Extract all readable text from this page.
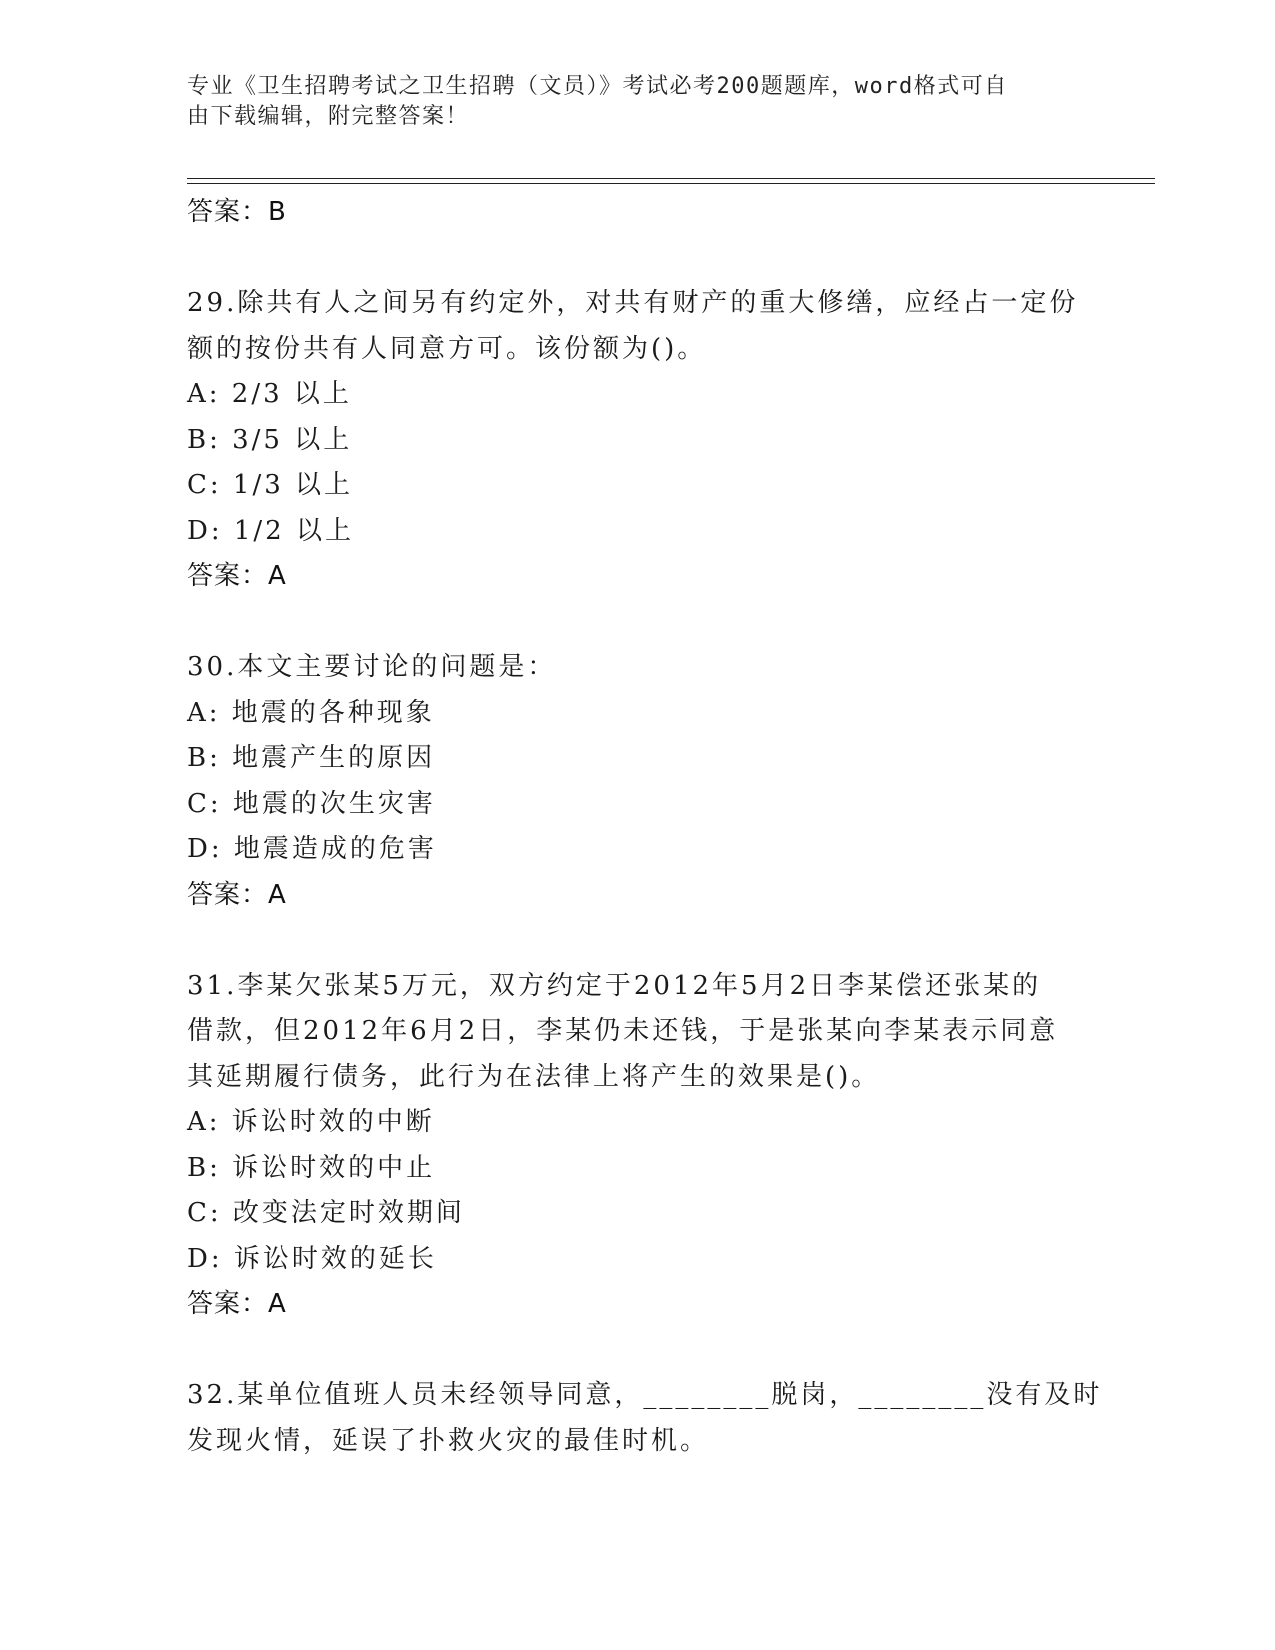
专业《卫生招聘考试之卫生招聘（文员）》考试必考200题题库，word格式可自
由下载编辑，附完整答案！
答案：B
29.除共有人之间另有约定外，对共有财产的重大修缮，应经占一定份
额的按份共有人同意方可。该份额为()。
A: 2/3 以上
B: 3/5 以上
C: 1/3 以上
D: 1/2 以上
答案：A
30.本文主要讨论的问题是：
A: 地震的各种现象
B: 地震产生的原因
C: 地震的次生灾害
D: 地震造成的危害
答案：A
31.李某欠张某5万元，双方约定于2012年5月2日李某偿还张某的
借款，但2012年6月2日，李某仍未还钱，于是张某向李某表示同意
其延期履行债务，此行为在法律上将产生的效果是()。
A: 诉讼时效的中断
B: 诉讼时效的中止
C: 改变法定时效期间
D: 诉讼时效的延长
答案：A
32.某单位值班人员未经领导同意，________脱岗，________没有及时
发现火情，延误了扑救火灾的最佳时机。
